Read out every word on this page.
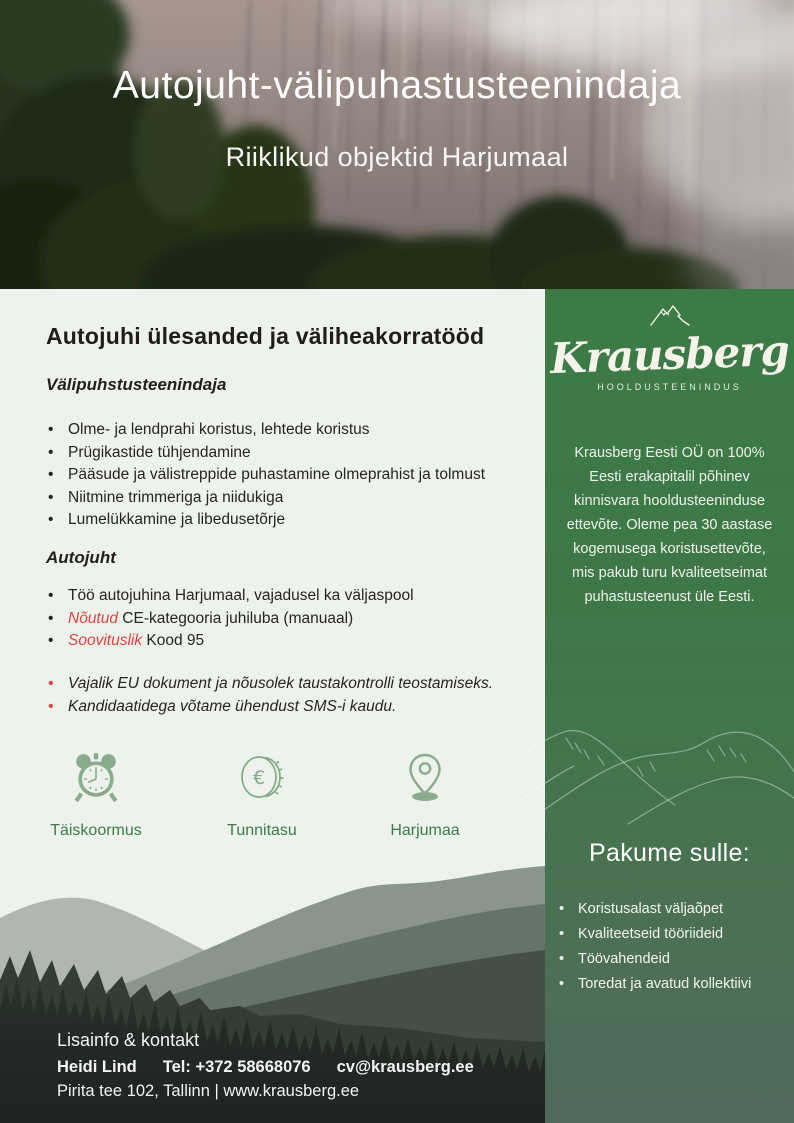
Autojuht-välipuhastusteenindaja
Riiklikud objektid Harjumaal
Autojuhi ülesanded ja väliheakorratööd
Välipuhstusteenindaja
• Olme- ja lendprahi koristus, lehtede koristus
• Prügikastide tühjendamine
• Pääsude ja välistreppide puhastamine olmeprahist ja tolmust
• Niitmine trimmeriga ja niidukiga
• Lumelükkamine ja libedusetõrje
Autojuht
• Töö autojuhina Harjumaal, vajadusel ka väljaspool
• Nõutud CE-kategooria juhiluba (manuaal)
• Soovituslik Kood 95
• Vajalik EU dokument ja nõusolek taustakontrolli teostamiseks.
• Kandidaatidega võtame ühendust SMS-i kaudu.
Täiskoormus
€
Tunnitasu	Harjumaa
Krausberg
HOOLDUSTEENINDUS
Krausberg Eesti OÜ on 100% Eesti erakapitalil põhinev kinnisvara hooldusteeninduse ettevõte. Oleme pea 30 aastase kogemusega koristusettevõte, mis pakub turu kvaliteetseimat puhastusteenust üle Eesti.
Pakume sulle:
• Koristusalast väljaõpet
• Kvaliteetseid tööriideid
• Töövahendeid
• Toredat ja avatud kollektiivi
Lisainfo & kontakt
Heidi Lind Tel: +372 58668076 cv@krausberg.ee
Pirita tee 102, Tallinn | www.krausberg.ee
